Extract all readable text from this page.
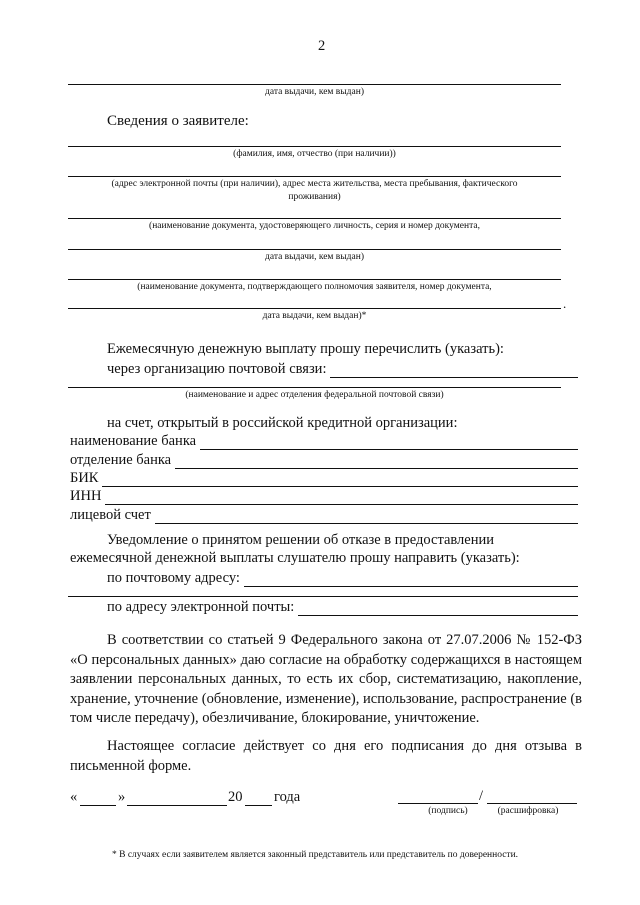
2
дата выдачи, кем выдан)
Сведения о заявителе:
(фамилия, имя, отчество (при наличии))
(адрес электронной почты (при наличии), адрес места жительства, места пребывания, фактического
проживания)
(наименование документа, удостоверяющего личность, серия и номер документа,
дата выдачи, кем выдан)
(наименование документа, подтверждающего полномочия заявителя, номер документа,
.
дата выдачи, кем выдан)*
Ежемесячную денежную выплату прошу перечислить (указать):
через организацию почтовой связи:
(наименование и адрес отделения федеральной почтовой связи)
на счет, открытый в российской кредитной организации:
наименование банка
отделение банка
БИК
ИНН
лицевой счет
Уведомление о принятом решении об отказе в предоставлении
ежемесячной денежной выплаты слушателю прошу направить (указать):
по почтовому адресу:
по адресу электронной почты:
В соответствии со статьей 9 Федерального закона от 27.07.2006 № 152-ФЗ «О персональных данных» даю согласие на обработку содержащихся в настоящем заявлении персональных данных, то есть их сбор, систематизацию, накопление, хранение, уточнение (обновление, изменение), использование, распространение (в том числе передачу), обезличивание, блокирование, уничтожение.
Настоящее согласие действует со дня его подписания до дня отзыва в письменной форме.
«	»	20 года	/
(подпись)	(расшифровка)
* В случаях если заявителем является законный представитель или представитель по доверенности.
